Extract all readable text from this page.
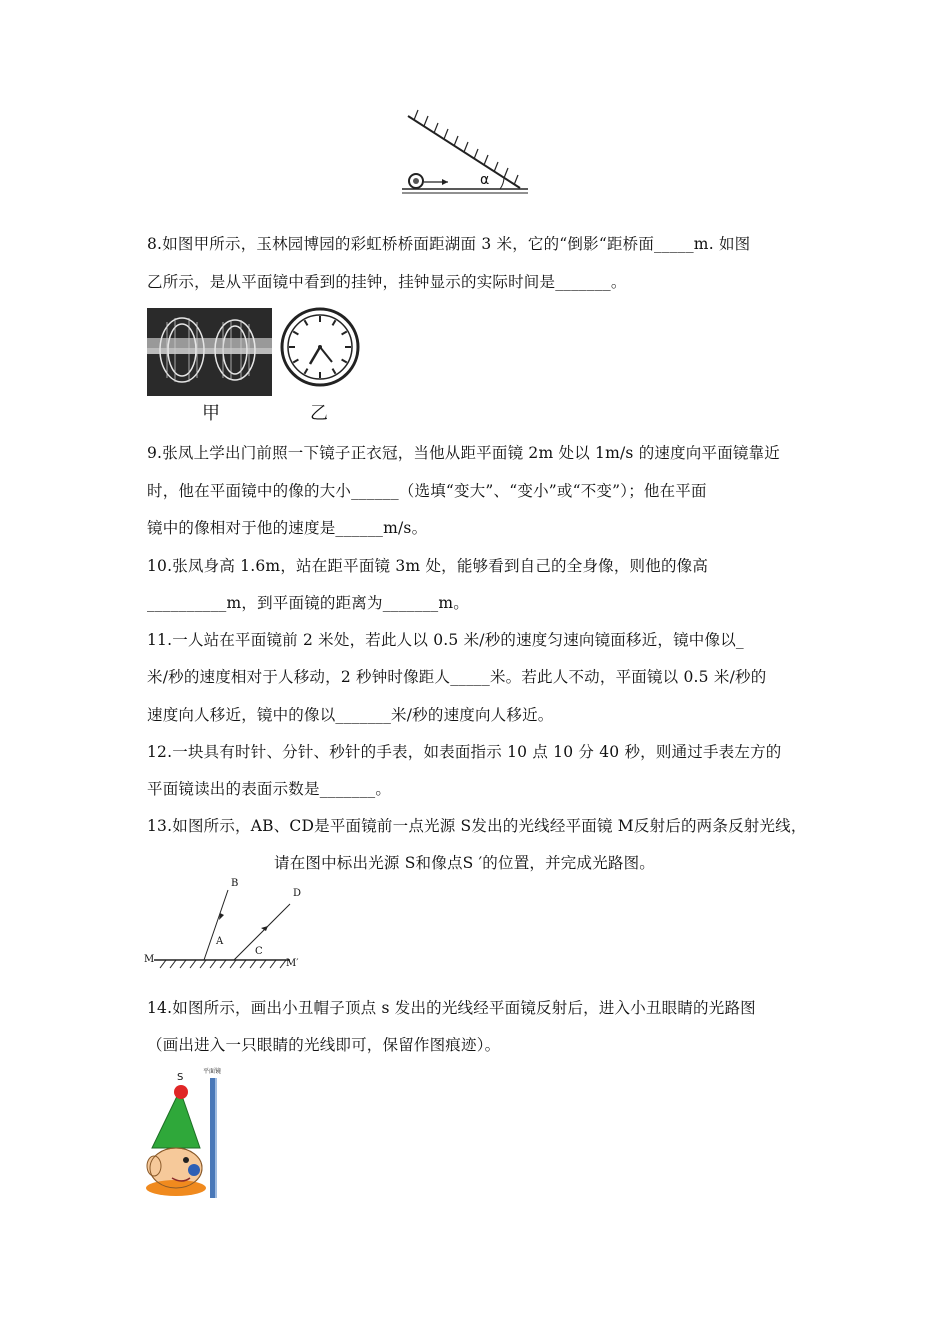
α
8.如图甲所示，玉林园博园的彩虹桥桥面距湖面 3 米，它的“倒影“距桥面_____m. 如图
乙所示，是从平面镜中看到的挂钟，挂钟显示的实际时间是_______。
甲	乙
9.张凤上学出门前照一下镜子正衣冠，当他从距平面镜 2m 处以 1m/s 的速度向平面镜靠近
时，他在平面镜中的像的大小______（选填“变大”、“变小”或“不变”）；他在平面
镜中的像相对于他的速度是______m/s。
10.张凤身高 1.6m，站在距平面镜 3m 处，能够看到自己的全身像，则他的像高
__________m，到平面镜的距离为_______m。
11.一人站在平面镜前 2 米处，若此人以 0.5 米/秒的速度匀速向镜面移近，镜中像以_
米/秒的速度相对于人移动，2 秒钟时像距人_____米。若此人不动，平面镜以 0.5 米/秒的
速度向人移近，镜中的像以_______米/秒的速度向人移近。
12.一块具有时针、分针、秒针的手表，如表面指示 10 点 10 分 40 秒，则通过手表左方的
平面镜读出的表面示数是_______。
13.如图所示，AB、CD是平面镜前一点光源 S发出的光线经平面镜 M反射后的两条反射光线，
请在图中标出光源 S和像点S ′的位置，并完成光路图。
B
D
A
C
M	M′
14.如图所示，画出小丑帽子顶点 s 发出的光线经平面镜反射后，进入小丑眼睛的光路图
（画出进入一只眼睛的光线即可，保留作图痕迹）。
S
平面镜
